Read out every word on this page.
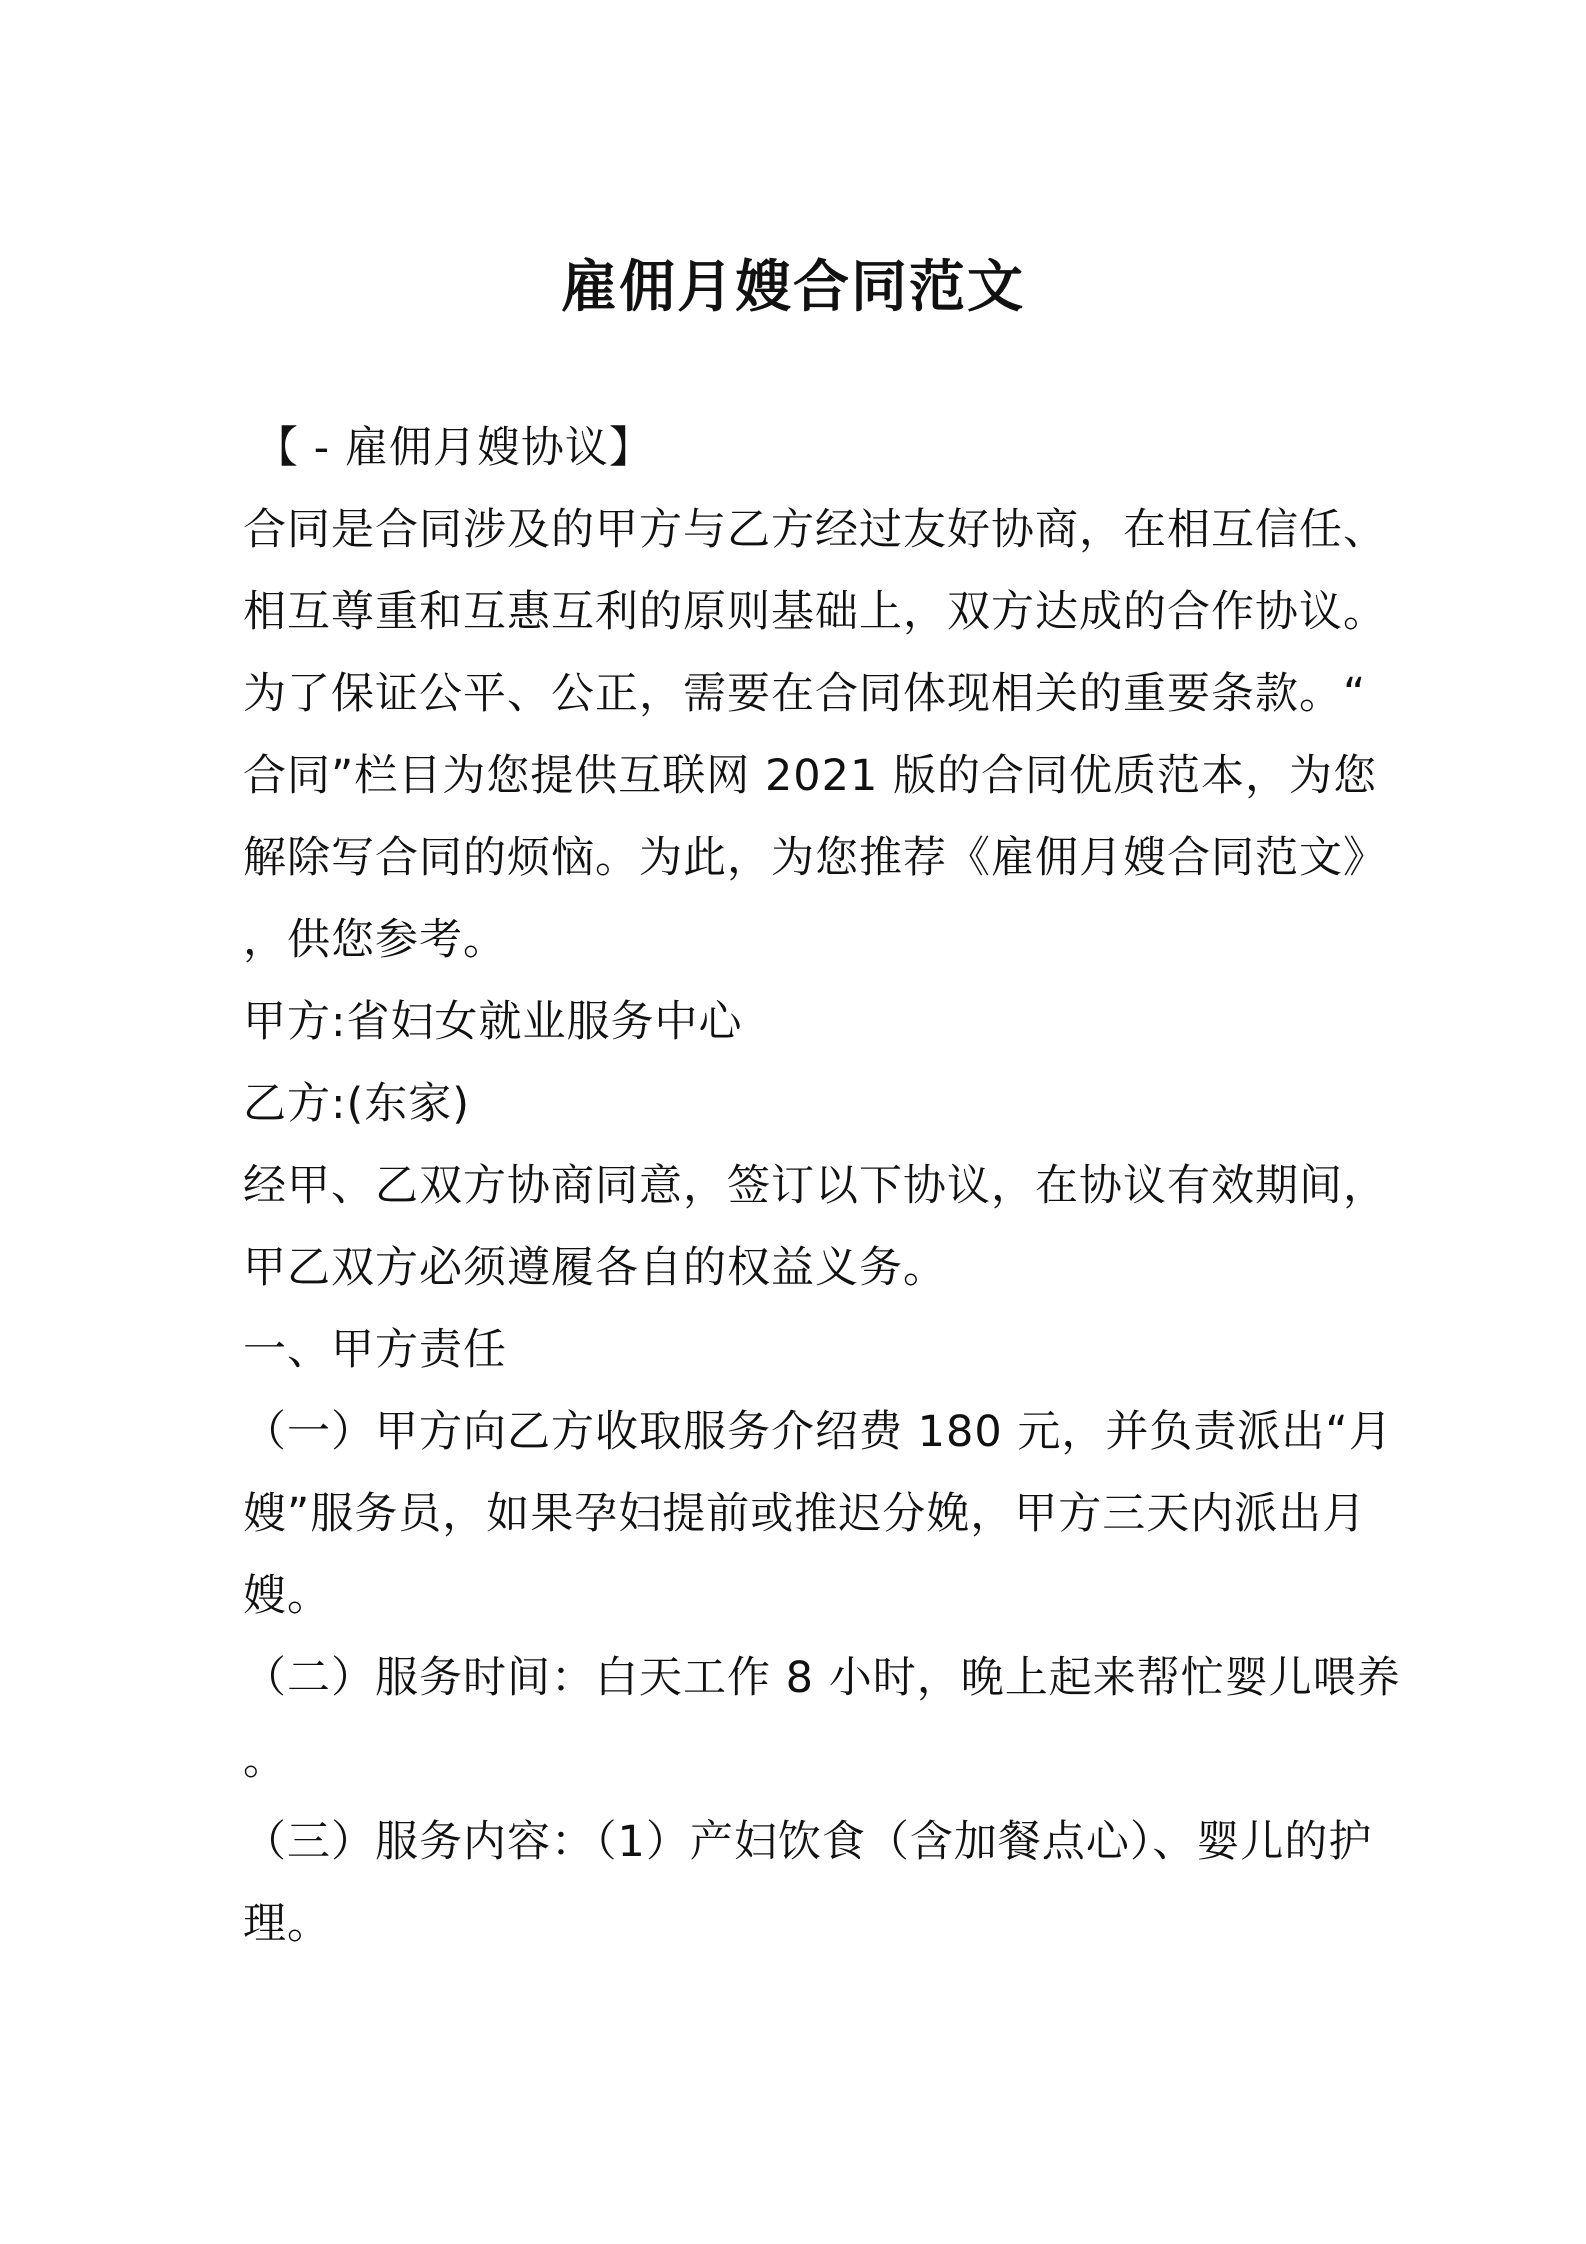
雇佣月嫂合同范文
【 - 雇佣月嫂协议】
合同是合同涉及的甲方与乙方经过友好协商，在相互信任、
相互尊重和互惠互利的原则基础上，双方达成的合作协议。
为了保证公平、公正，需要在合同体现相关的重要条款。“
合同”栏目为您提供互联网 2021 版的合同优质范本，为您
解除写合同的烦恼。为此，为您推荐《雇佣月嫂合同范文》
，供您参考。
甲方:省妇女就业服务中心
乙方:(东家)
经甲、乙双方协商同意，签订以下协议，在协议有效期间，
甲乙双方必须遵履各自的权益义务。
一、甲方责任
（一）甲方向乙方收取服务介绍费 180 元，并负责派出“月
嫂”服务员，如果孕妇提前或推迟分娩，甲方三天内派出月
嫂。
（二）服务时间：白天工作 8 小时，晚上起来帮忙婴儿喂养
。
（三）服务内容：（1）产妇饮食（含加餐点心）、婴儿的护
理。
